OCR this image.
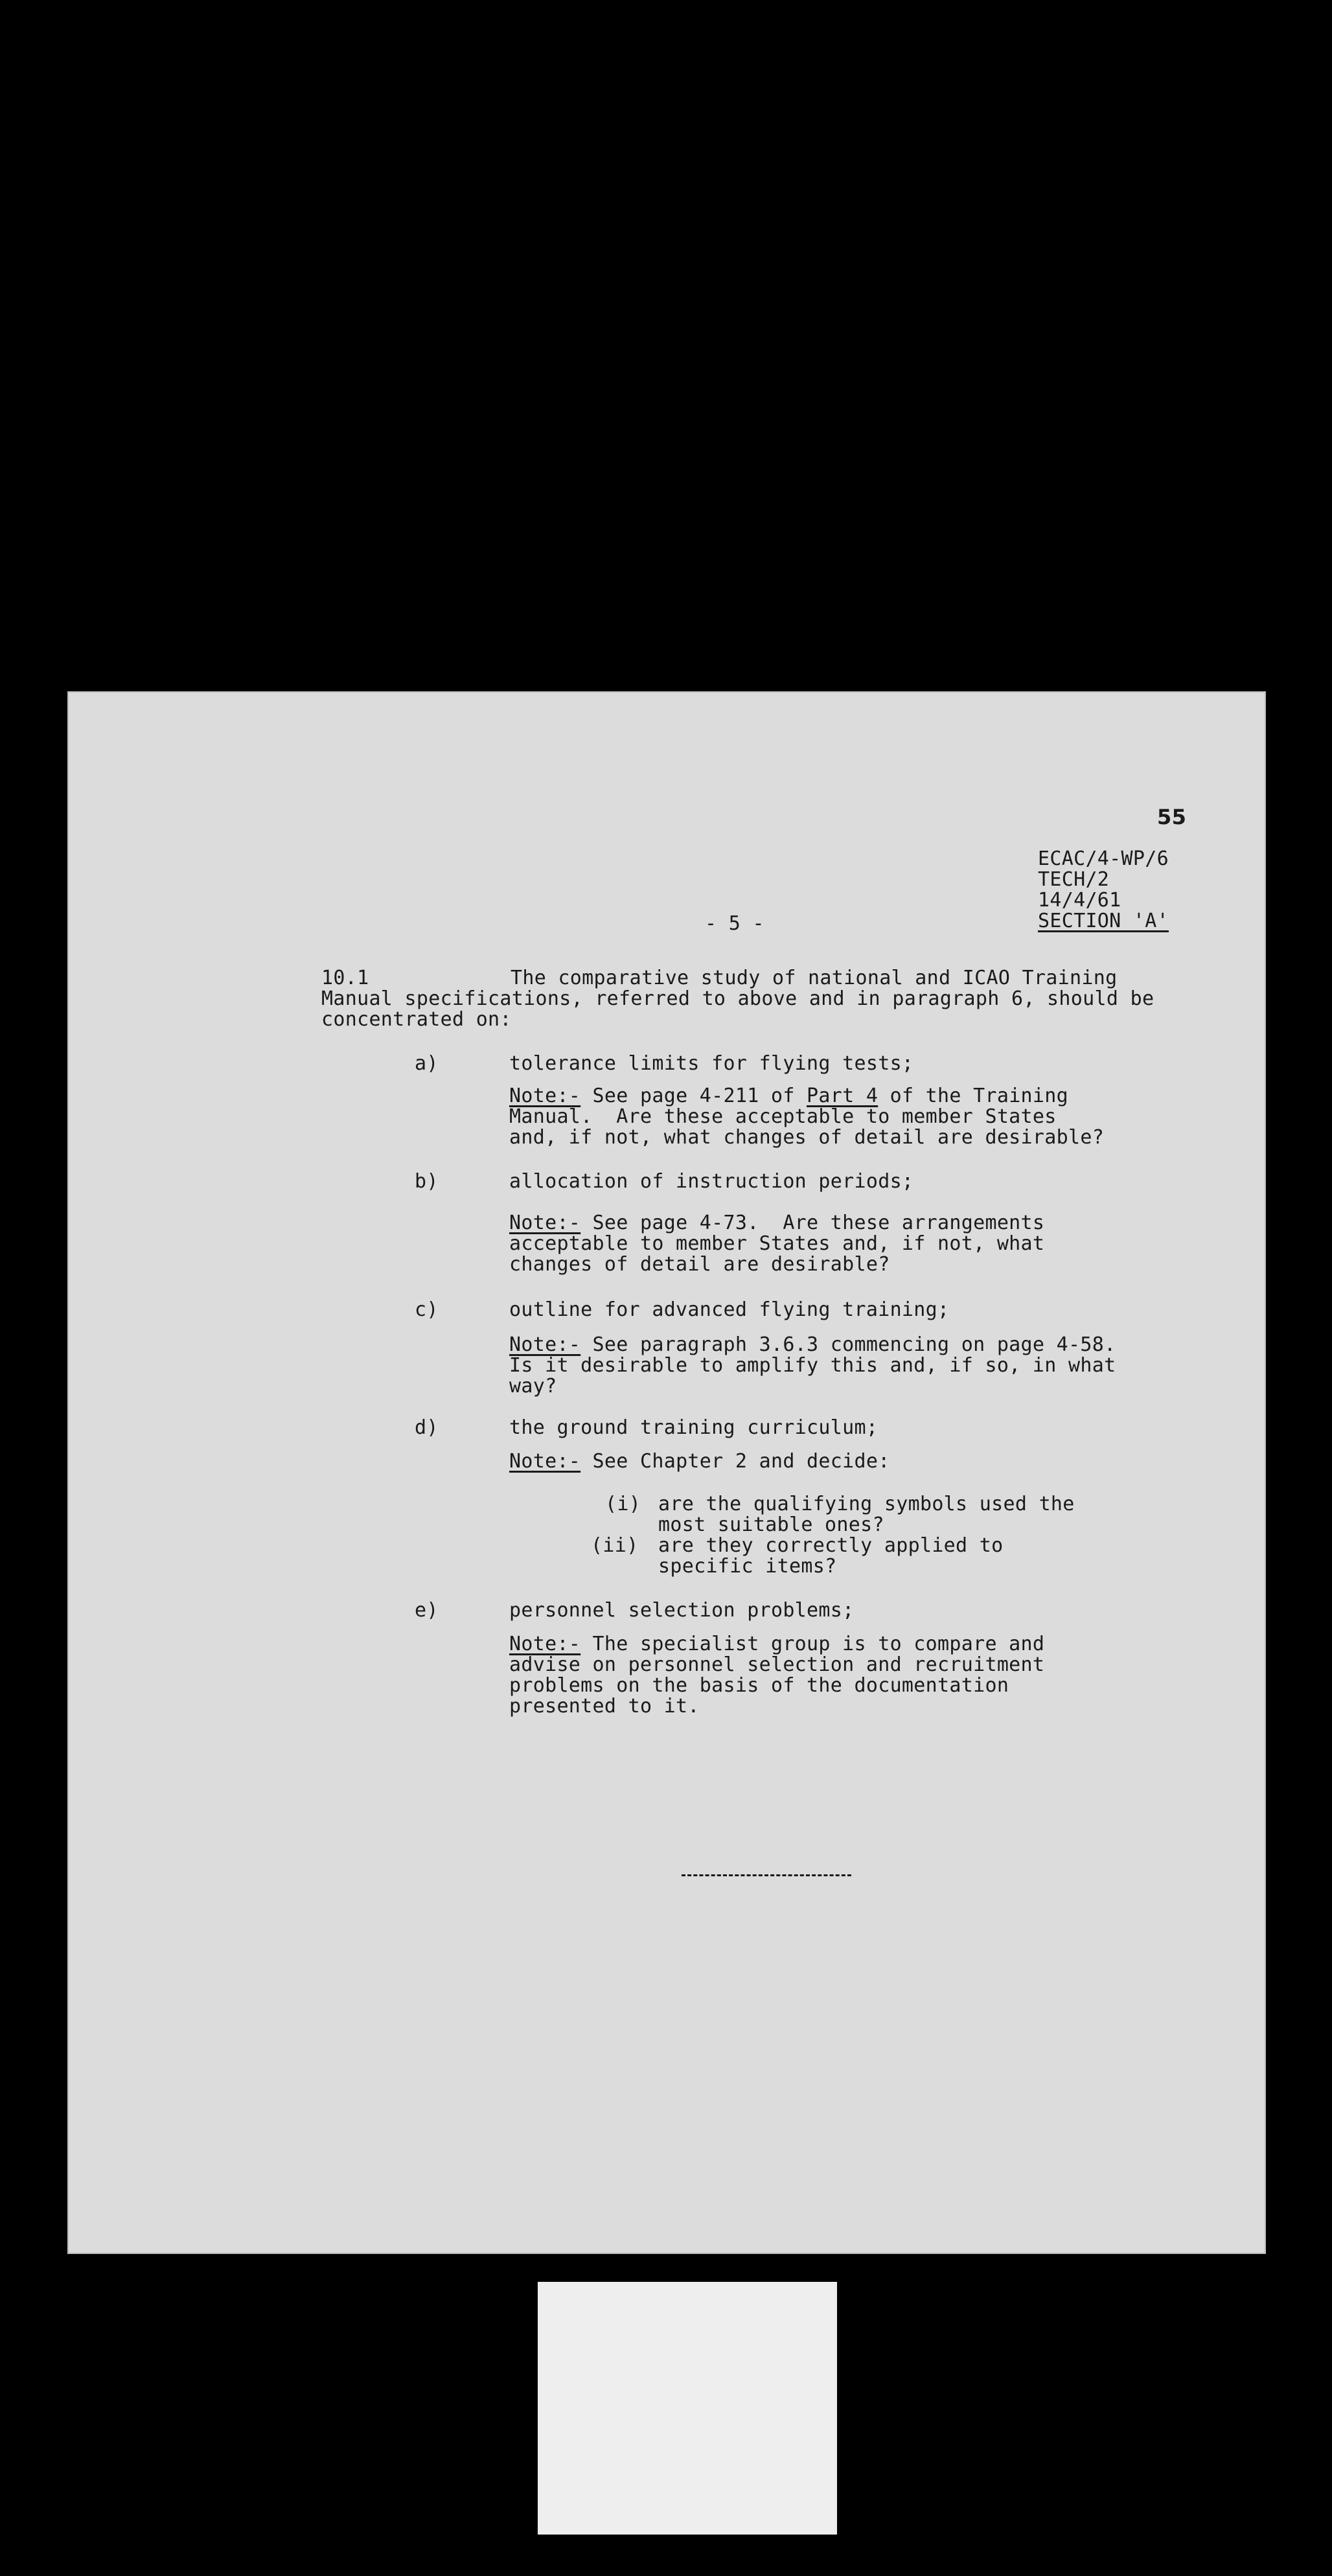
55
ECAC/4-WP/6
TECH/2
14/4/61
SECTION 'A'
- 5 -
10.1	The comparative study of national and ICAO Training
Manual specifications, referred to above and in paragraph 6, should be
concentrated on:
a)	tolerance limits for flying tests;
Note:- See page 4-211 of Part 4 of the Training
Manual.  Are these acceptable to member States
and, if not, what changes of detail are desirable?
b)	allocation of instruction periods;
Note:- See page 4-73.  Are these arrangements
acceptable to member States and, if not, what
changes of detail are desirable?
c)	outline for advanced flying training;
Note:- See paragraph 3.6.3 commencing on page 4-58.
Is it desirable to amplify this and, if so, in what
way?
d)	the ground training curriculum;
Note:- See Chapter 2 and decide:
(i) are the qualifying symbols used the
most suitable ones?
(ii) are they correctly applied to
specific items?
e)	personnel selection problems;
Note:- The specialist group is to compare and
advise on personnel selection and recruitment
problems on the basis of the documentation
presented to it.
